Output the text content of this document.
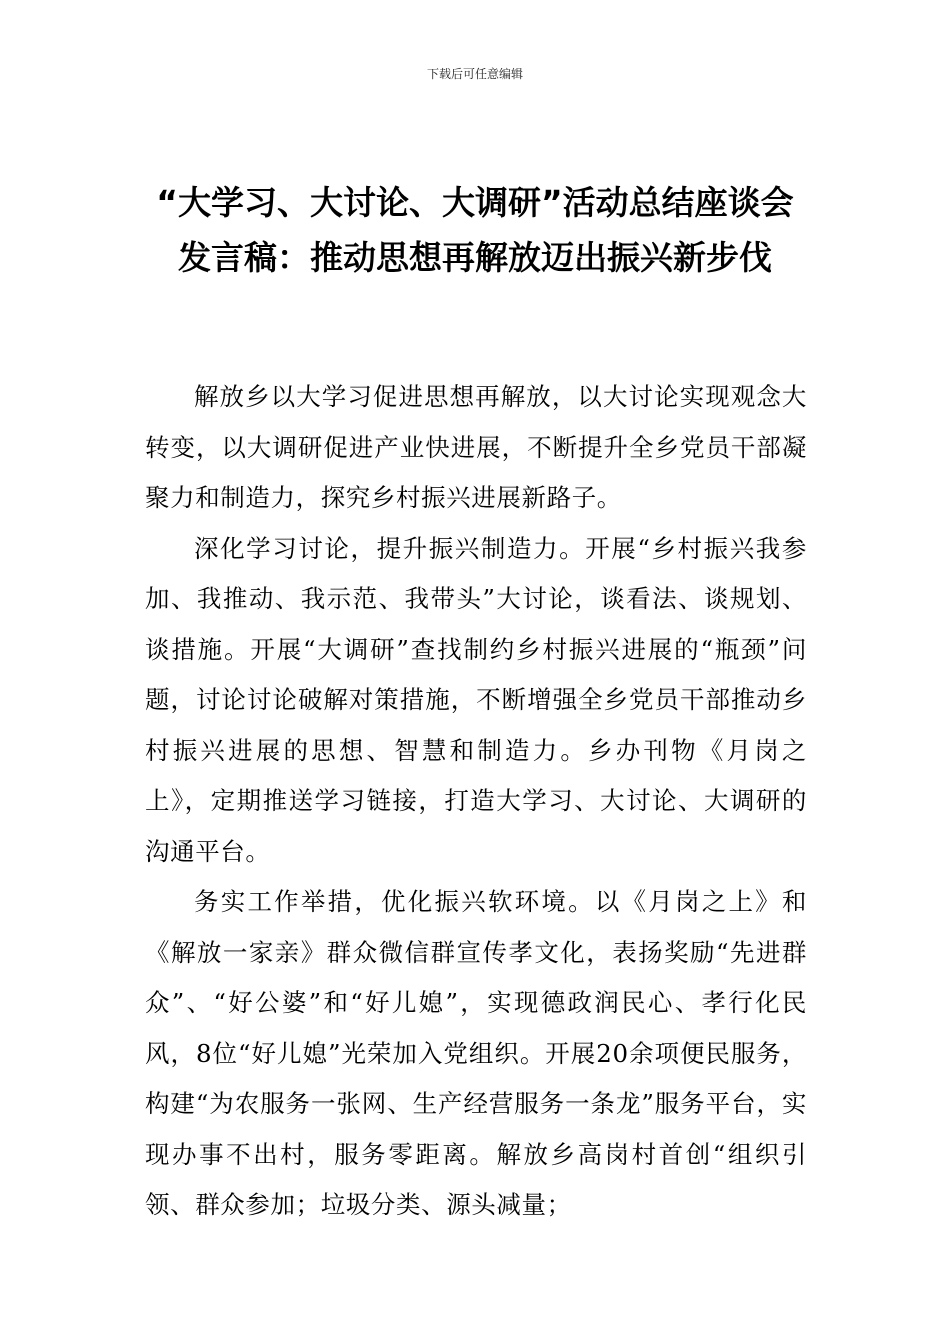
下载后可任意编辑
“大学习、大讨论、大调研”活动总结座谈会发言稿：推动思想再解放迈出振兴新步伐

解放乡以大学习促进思想再解放，以大讨论实现观念大转变，以大调研促进产业快进展，不断提升全乡党员干部凝聚力和制造力，探究乡村振兴进展新路子。

深化学习讨论，提升振兴制造力。开展“乡村振兴我参加、我推动、我示范、我带头”大讨论，谈看法、谈规划、谈措施。开展“大调研”查找制约乡村振兴进展的“瓶颈”问题，讨论讨论破解对策措施，不断增强全乡党员干部推动乡村振兴进展的思想、智慧和制造力。乡办刊物《月岗之上》，定期推送学习链接，打造大学习、大讨论、大调研的沟通平台。

务实工作举措，优化振兴软环境。以《月岗之上》和《解放一家亲》群众微信群宣传孝文化，表扬奖励“先进群众”、“好公婆”和“好儿媳”，实现德政润民心、孝行化民风，8位“好儿媳”光荣加入党组织。开展20余项便民服务，构建“为农服务一张网、生产经营服务一条龙”服务平台，实现办事不出村，服务零距离。解放乡高岗村首创“组织引领、群众参加；垃圾分类、源头减量；
